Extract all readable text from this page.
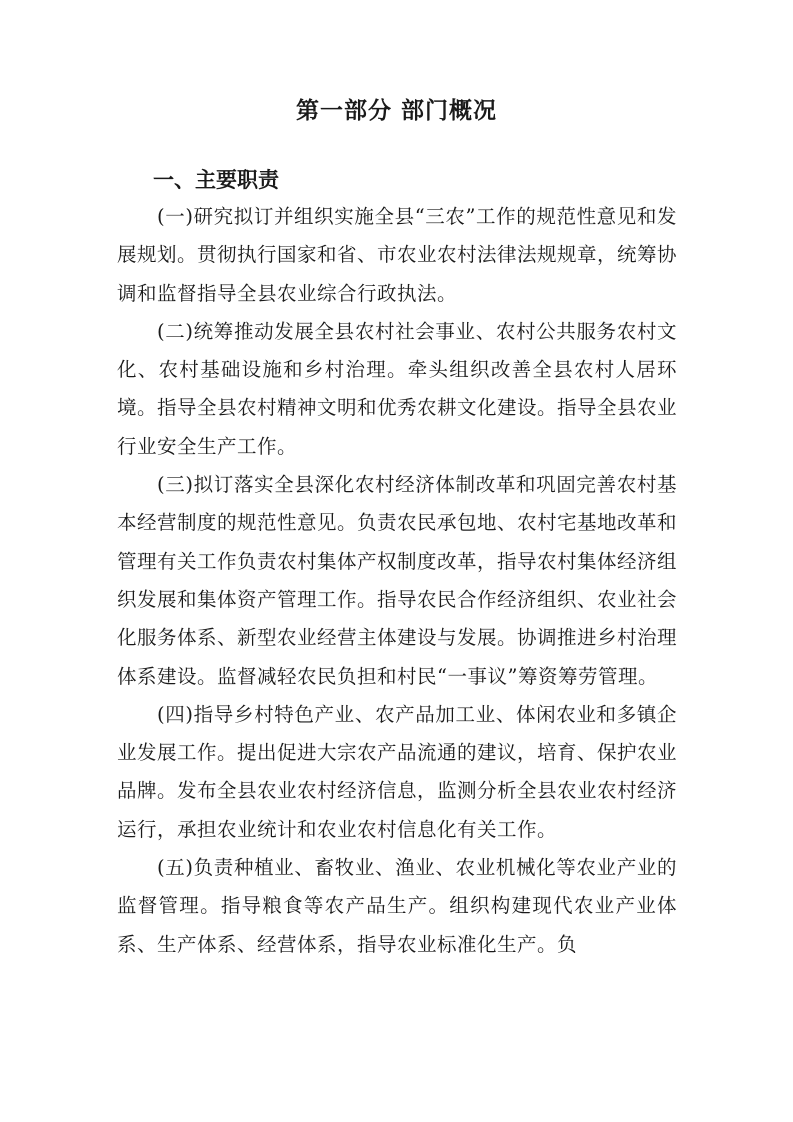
第一部分 部门概况
一、主要职责

(一)研究拟订并组织实施全县“三农”工作的规范性意见和发展规划。贯彻执行国家和省、市农业农村法律法规规章，统筹协调和监督指导全县农业综合行政执法。

(二)统筹推动发展全县农村社会事业、农村公共服务农村文化、农村基础设施和乡村治理。牵头组织改善全县农村人居环境。指导全县农村精神文明和优秀农耕文化建设。指导全县农业行业安全生产工作。

(三)拟订落实全县深化农村经济体制改革和巩固完善农村基本经营制度的规范性意见。负责农民承包地、农村宅基地改革和管理有关工作负责农村集体产权制度改革，指导农村集体经济组织发展和集体资产管理工作。指导农民合作经济组织、农业社会化服务体系、新型农业经营主体建设与发展。协调推进乡村治理体系建设。监督减轻农民负担和村民“一事议”筹资筹劳管理。

(四)指导乡村特色产业、农产品加工业、体闲农业和多镇企业发展工作。提出促进大宗农产品流通的建议，培育、保护农业品牌。发布全县农业农村经济信息，监测分析全县农业农村经济运行，承担农业统计和农业农村信息化有关工作。

(五)负责种植业、畜牧业、渔业、农业机械化等农业产业的监督管理。指导粮食等农产品生产。组织构建现代农业产业体系、生产体系、经营体系，指导农业标准化生产。负
